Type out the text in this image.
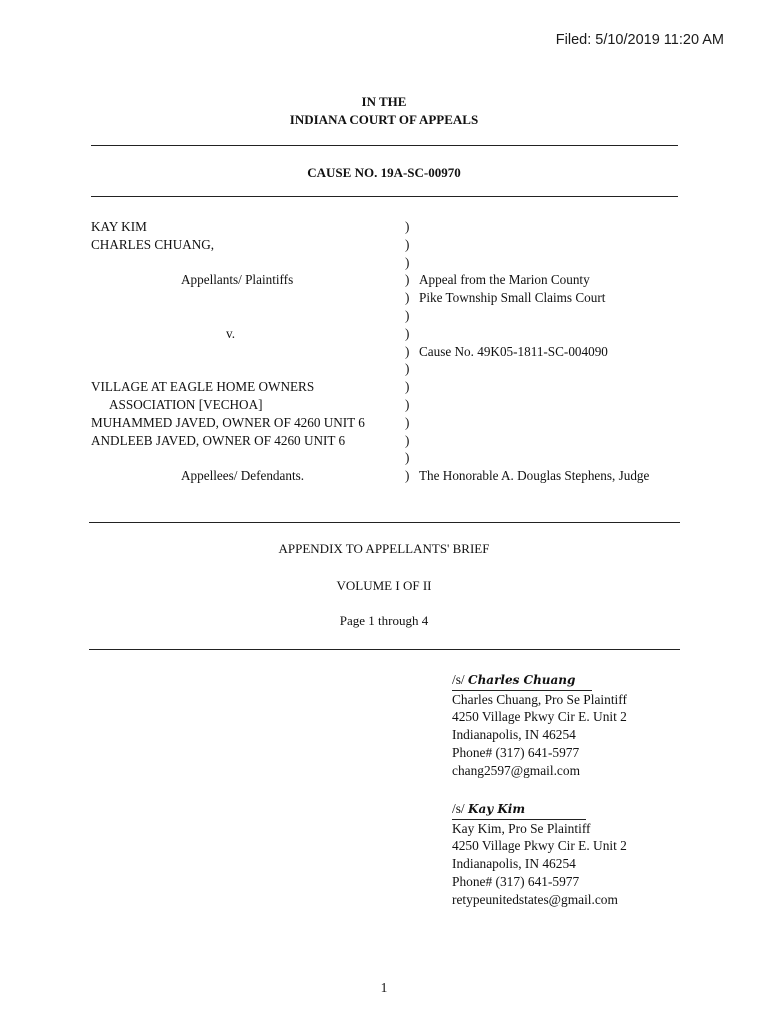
Filed: 5/10/2019 11:20 AM
IN THE
INDIANA COURT OF APPEALS
CAUSE NO. 19A-SC-00970
KAY KIM	)
CHARLES CHUANG,	)
)
Appellants/ Plaintiffs	) Appeal from the Marion County
) Pike Township Small Claims Court
)
v.	)
) Cause No. 49K05-1811-SC-004090
)
VILLAGE AT EAGLE HOME OWNERS	)
ASSOCIATION [VECHOA]	)
MUHAMMED JAVED, OWNER OF 4260 UNIT 6	)
ANDLEEB JAVED, OWNER OF 4260 UNIT 6	)
)
Appellees/ Defendants.	) The Honorable A. Douglas Stephens, Judge
APPENDIX TO APPELLANTS' BRIEF
VOLUME I OF II
Page 1 through 4
/s/ Charles Chuang
Charles Chuang, Pro Se Plaintiff
4250 Village Pkwy Cir E. Unit 2
Indianapolis, IN 46254
Phone# (317) 641-5977
chang2597@gmail.com
/s/ Kay Kim
Kay Kim, Pro Se Plaintiff
4250 Village Pkwy Cir E. Unit 2
Indianapolis, IN 46254
Phone# (317) 641-5977
retypeunitedstates@gmail.com
1
